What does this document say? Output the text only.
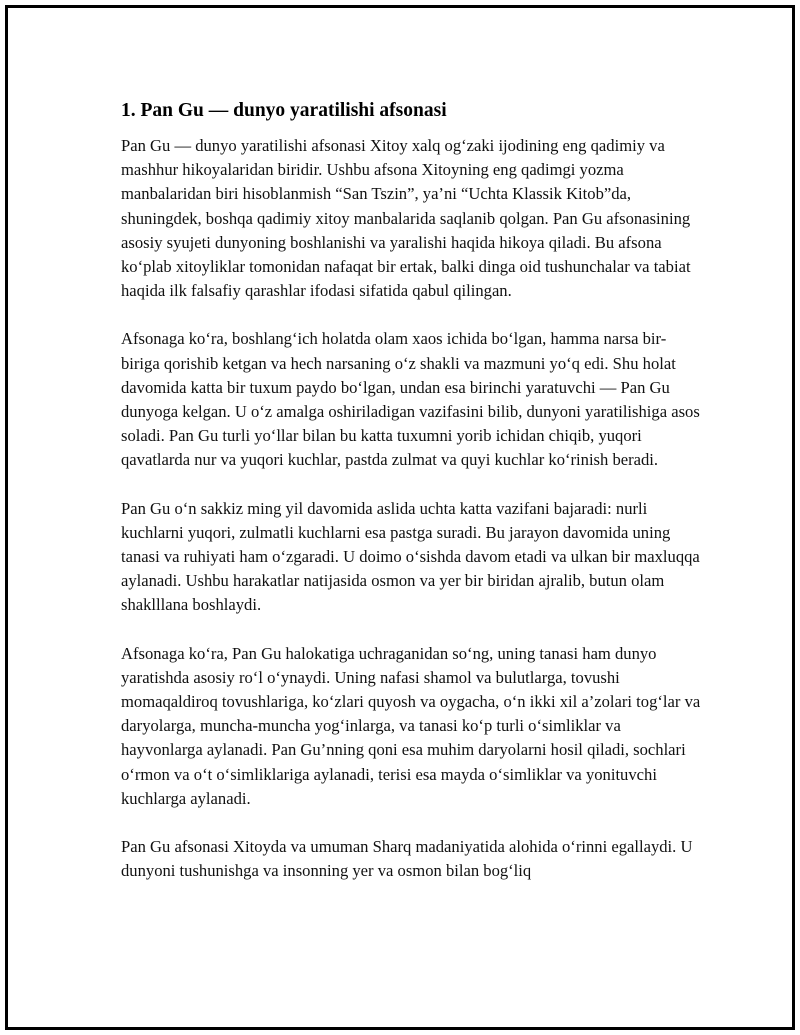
1. Pan Gu — dunyo yaratilishi afsonasi

Pan Gu — dunyo yaratilishi afsonasi Xitoy xalq og‘zaki ijodining eng qadimiy va mashhur hikoyalaridan biridir. Ushbu afsona Xitoyning eng qadimgi yozma manbalaridan biri hisoblanmish “San Tszin”, ya’ni “Uchta Klassik Kitob”da, shuningdek, boshqa qadimiy xitoy manbalarida saqlanib qolgan. Pan Gu afsonasining asosiy syujeti dunyoning boshlanishi va yaralishi haqida hikoya qiladi. Bu afsona ko‘plab xitoyliklar tomonidan nafaqat bir ertak, balki dinga oid tushunchalar va tabiat haqida ilk falsafiy qarashlar ifodasi sifatida qabul qilingan.

Afsonaga ko‘ra, boshlang‘ich holatda olam xaos ichida bo‘lgan, hamma narsa bir-biriga qorishib ketgan va hech narsaning o‘z shakli va mazmuni yo‘q edi. Shu holat davomida katta bir tuxum paydo bo‘lgan, undan esa birinchi yaratuvchi — Pan Gu dunyoga kelgan. U o‘z amalga oshiriladigan vazifasini bilib, dunyoni yaratilishiga asos soladi. Pan Gu turli yo‘llar bilan bu katta tuxumni yorib ichidan chiqib, yuqori qavatlarda nur va yuqori kuchlar, pastda zulmat va quyi kuchlar ko‘rinish beradi.

Pan Gu o‘n sakkiz ming yil davomida aslida uchta katta vazifani bajaradi: nurli kuchlarni yuqori, zulmatli kuchlarni esa pastga suradi. Bu jarayon davomida uning tanasi va ruhiyati ham o‘zgaradi. U doimo o‘sishda davom etadi va ulkan bir maxluqqa aylanadi. Ushbu harakatlar natijasida osmon va yer bir biridan ajralib, butun olam shaklllana boshlaydi.

Afsonaga ko‘ra, Pan Gu halokatiga uchraganidan so‘ng, uning tanasi ham dunyo yaratishda asosiy ro‘l o‘ynaydi. Uning nafasi shamol va bulutlarga, tovushi momaqaldiroq tovushlariga, ko‘zlari quyosh va oygacha, o‘n ikki xil a’zolari tog‘lar va daryolarga, muncha-muncha yog‘inlarga, va tanasi ko‘p turli o‘simliklar va hayvonlarga aylanadi. Pan Gu’nning qoni esa muhim daryolarni hosil qiladi, sochlari o‘rmon va o‘t o‘simliklariga aylanadi, terisi esa mayda o‘simliklar va yonituvchi kuchlarga aylanadi.

Pan Gu afsonasi Xitoyda va umuman Sharq madaniyatida alohida o‘rinni egallaydi. U dunyoni tushunishga va insonning yer va osmon bilan bog‘liq
